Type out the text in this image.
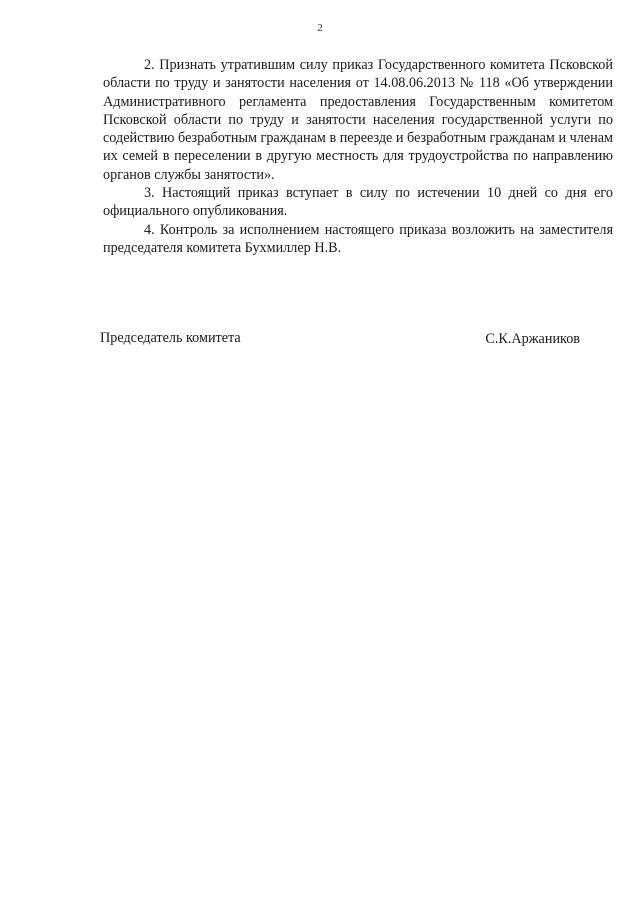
2

2. Признать утратившим силу приказ Государственного комитета Псковской области по труду и занятости населения от 14.08.06.2013 № 118 «Об утверждении Административного регламента предоставления Государственным комитетом Псковской области по труду и занятости населения государственной услуги по содействию безработным гражданам в переезде и безработным гражданам и членам их семей в переселении в другую местность для трудоустройства по направлению органов службы занятости».

3. Настоящий приказ вступает в силу по истечении 10 дней со дня его официального опубликования.

4. Контроль за исполнением настоящего приказа возложить на заместителя председателя комитета Бухмиллер Н.В.

Председатель комитета	С.К.Аржаников
